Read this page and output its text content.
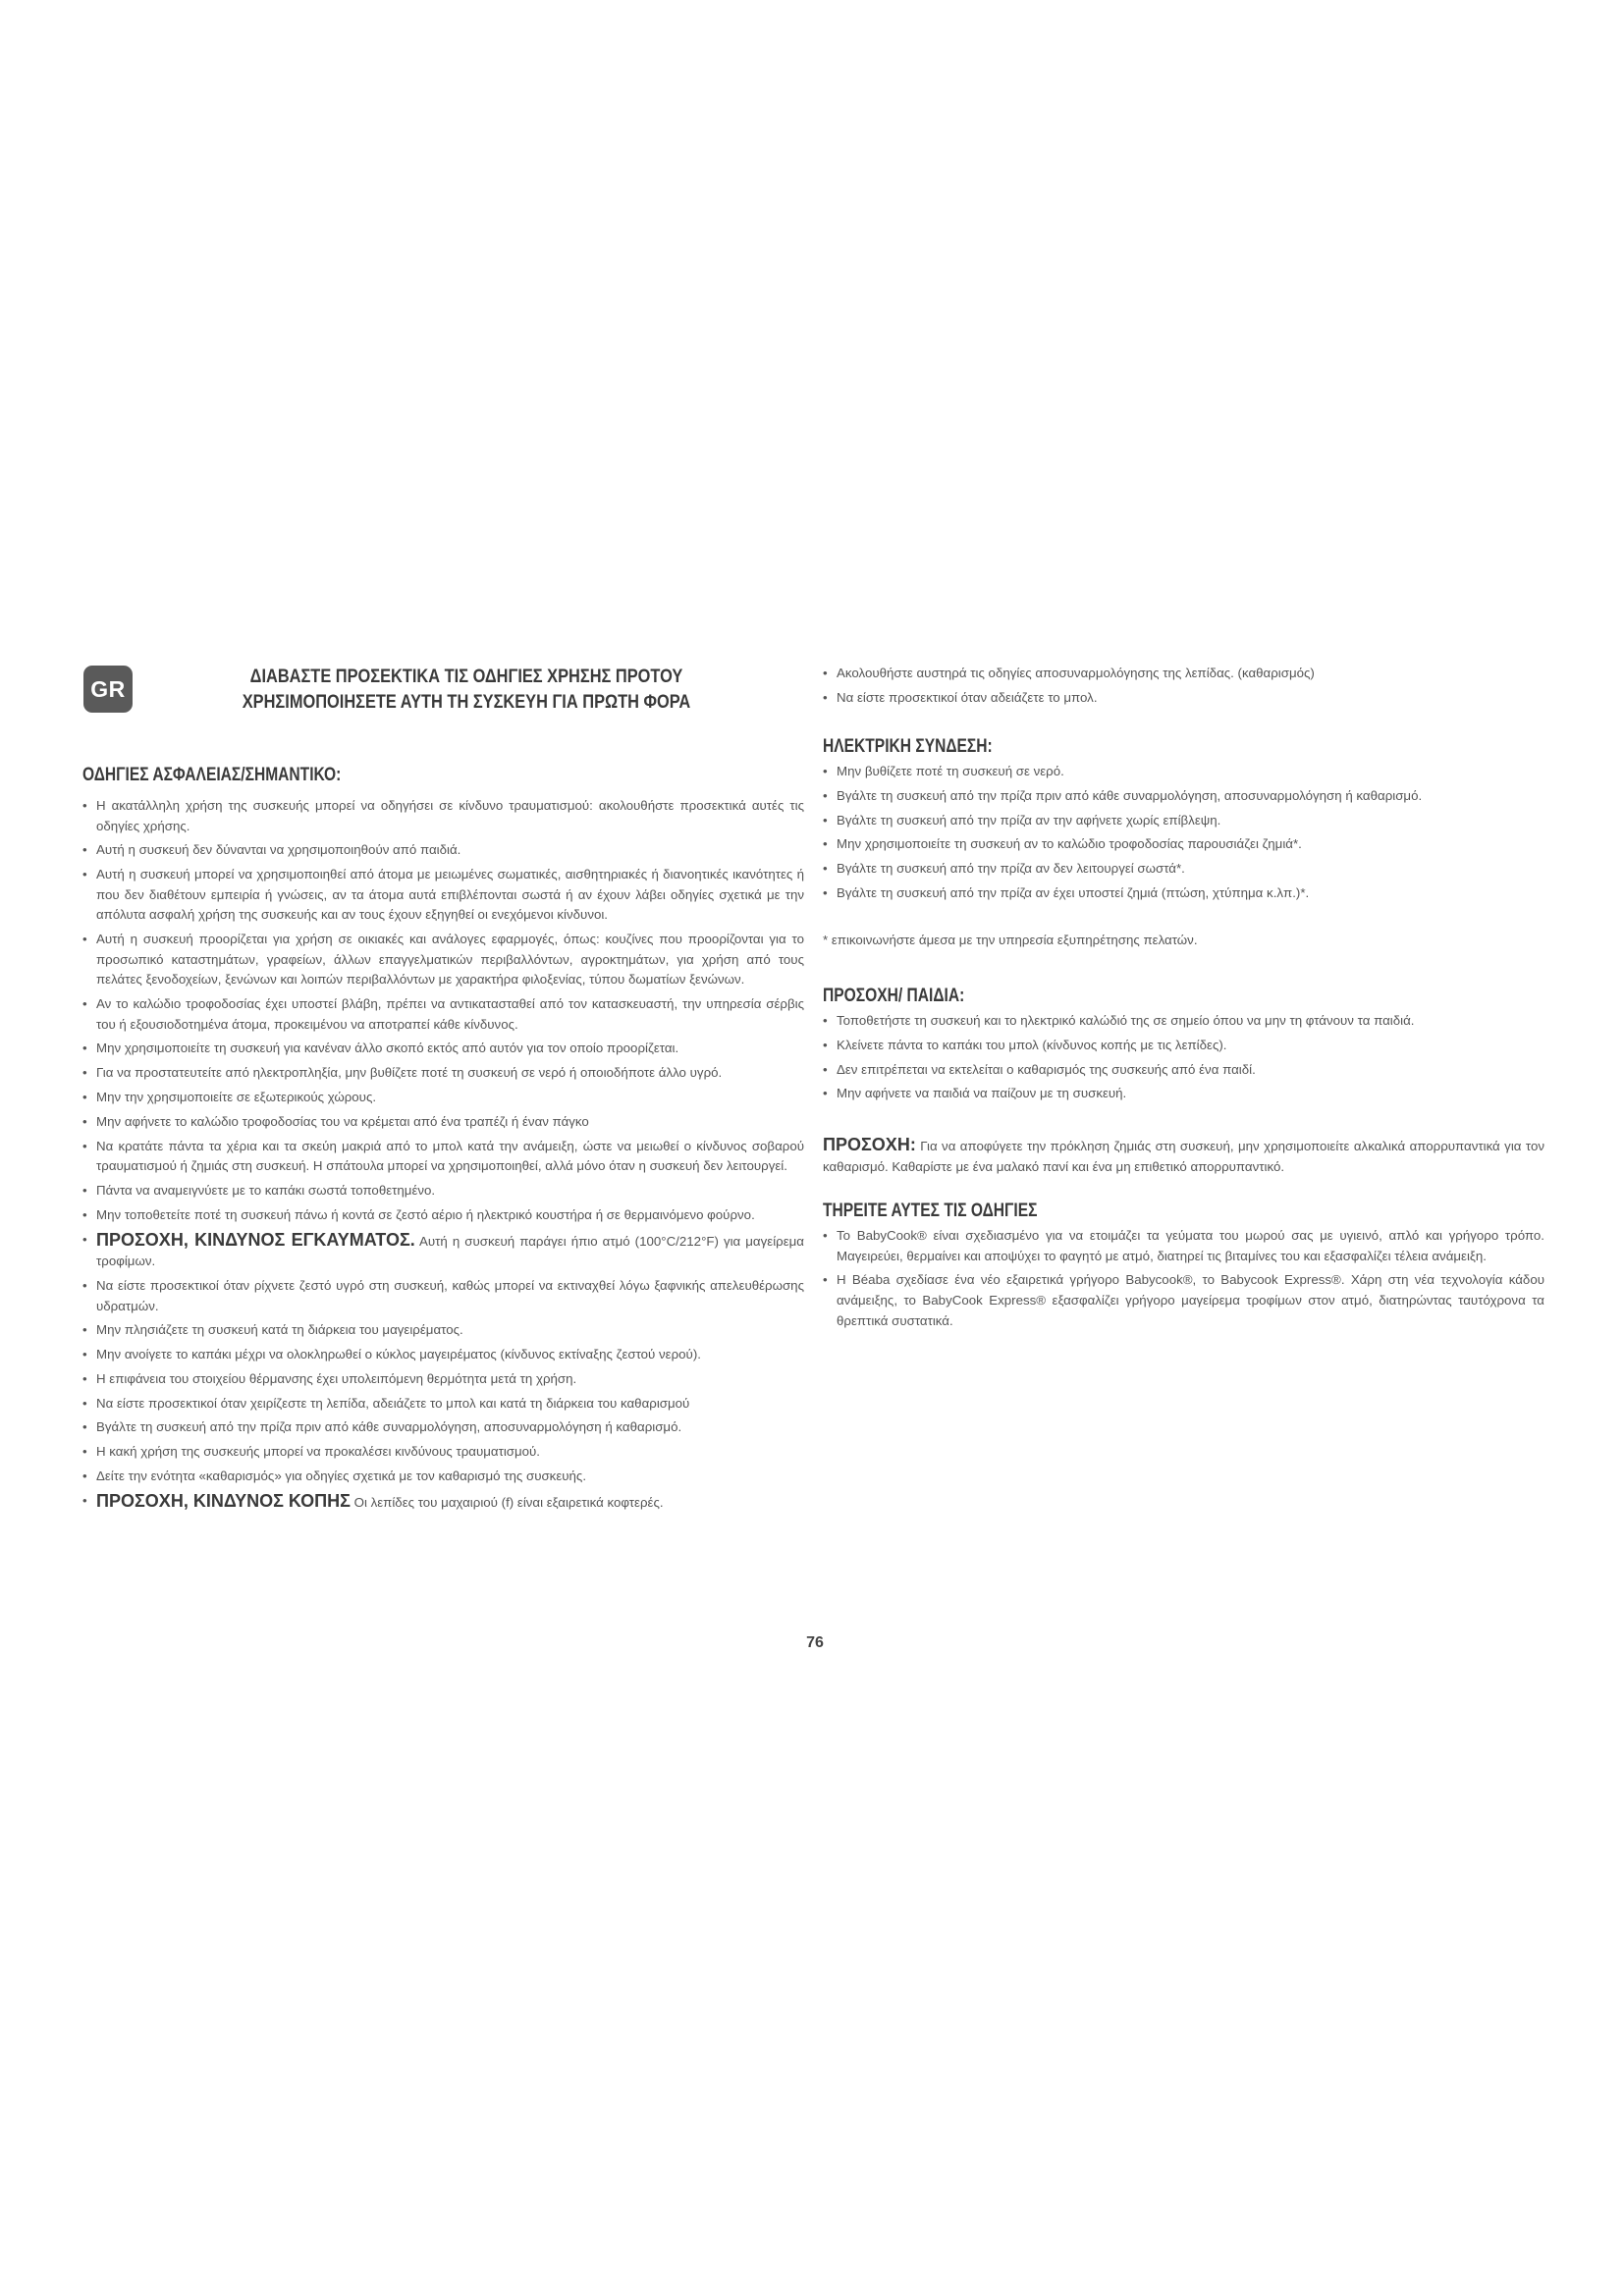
GR	ΔΙΑΒΑΣΤΕ ΠΡΟΣΕΚΤΙΚΑ ΤΙΣ ΟΔΗΓΙΕΣ ΧΡΗΣΗΣ ΠΡΟΤΟΥ
ΧΡΗΣΙΜΟΠΟΙΗΣΕΤΕ ΑΥΤΗ ΤΗ ΣΥΣΚΕΥΗ ΓΙΑ ΠΡΩΤΗ ΦΟΡΑ
ΟΔΗΓΙΕΣ ΑΣΦΑΛΕΙΑΣ/ΣΗΜΑΝΤΙΚΟ:
• Η ακατάλληλη χρήση της συσκευής μπορεί να οδηγήσει σε κίνδυνο τραυματισμού: ακολουθήστε προσεκτικά αυτές τις οδηγίες χρήσης.
• Αυτή η συσκευή δεν δύνανται να χρησιμοποιηθούν από παιδιά.
• Αυτή η συσκευή μπορεί να χρησιμοποιηθεί από άτομα με μειωμένες σωματικές, αισθητηριακές ή διανοητικές ικανότητες ή που δεν διαθέτουν εμπειρία ή γνώσεις, αν τα άτομα αυτά επιβλέπονται σωστά ή αν έχουν λάβει οδηγίες σχετικά με την απόλυτα ασφαλή χρήση της συσκευής και αν τους έχουν εξηγηθεί οι ενεχόμενοι κίνδυνοι.
• Αυτή η συσκευή προορίζεται για χρήση σε οικιακές και ανάλογες εφαρμογές, όπως: κουζίνες που προορίζονται για το προσωπικό καταστημάτων, γραφείων, άλλων επαγγελματικών περιβαλλόντων, αγροκτημάτων, για χρήση από τους πελάτες ξενοδοχείων, ξενώνων και λοιπών περιβαλλόντων με χαρακτήρα φιλοξενίας, τύπου δωματίων ξενώνων.
• Αν το καλώδιο τροφοδοσίας έχει υποστεί βλάβη, πρέπει να αντικατασταθεί από τον κατασκευαστή, την υπηρεσία σέρβις του ή εξουσιοδοτημένα άτομα, προκειμένου να αποτραπεί κάθε κίνδυνος.
• Μην χρησιμοποιείτε τη συσκευή για κανέναν άλλο σκοπό εκτός από αυτόν για τον οποίο προορίζεται.
• Για να προστατευτείτε από ηλεκτροπληξία, μην βυθίζετε ποτέ τη συσκευή σε νερό ή οποιοδήποτε άλλο υγρό.
• Μην την χρησιμοποιείτε σε εξωτερικούς χώρους.
• Μην αφήνετε το καλώδιο τροφοδοσίας του να κρέμεται από ένα τραπέζι ή έναν πάγκο
• Να κρατάτε πάντα τα χέρια και τα σκεύη μακριά από το μπολ κατά την ανάμειξη, ώστε να μειωθεί ο κίνδυνος σοβαρού τραυματισμού ή ζημιάς στη συσκευή. Η σπάτουλα μπορεί να χρησιμοποιηθεί, αλλά μόνο όταν η συσκευή δεν λειτουργεί.
• Πάντα να αναμειγνύετε με το καπάκι σωστά τοποθετημένο.
• Μην τοποθετείτε ποτέ τη συσκευή πάνω ή κοντά σε ζεστό αέριο ή ηλεκτρικό κουστήρα ή σε θερμαινόμενο φούρνο.
• ΠΡΟΣΟΧΗ, ΚΙΝΔΥΝΟΣ ΕΓΚΑΥΜΑΤΟΣ. Αυτή η συσκευή παράγει ήπιο ατμό (100°C/212°F) για μαγείρεμα τροφίμων.
• Να είστε προσεκτικοί όταν ρίχνετε ζεστό υγρό στη συσκευή, καθώς μπορεί να εκτιναχθεί λόγω ξαφνικής απελευθέρωσης υδρατμών.
• Μην πλησιάζετε τη συσκευή κατά τη διάρκεια του μαγειρέματος.
• Μην ανοίγετε το καπάκι μέχρι να ολοκληρωθεί ο κύκλος μαγειρέματος (κίνδυνος εκτίναξης ζεστού νερού).
• Η επιφάνεια του στοιχείου θέρμανσης έχει υπολειπόμενη θερμότητα μετά τη χρήση.
• Να είστε προσεκτικοί όταν χειρίζεστε τη λεπίδα, αδειάζετε το μπολ και κατά τη διάρκεια του καθαρισμού
• Βγάλτε τη συσκευή από την πρίζα πριν από κάθε συναρμολόγηση, αποσυναρμολόγηση ή καθαρισμό.
• Η κακή χρήση της συσκευής μπορεί να προκαλέσει κινδύνους τραυματισμού.
• Δείτε την ενότητα «καθαρισμός» για οδηγίες σχετικά με τον καθαρισμό της συσκευής.
• ΠΡΟΣΟΧΗ, ΚΙΝΔΥΝΟΣ ΚΟΠΗΣ Οι λεπίδες του μαχαιριού (f) είναι εξαιρετικά κοφτερές.
• Ακολουθήστε αυστηρά τις οδηγίες αποσυναρμολόγησης της λεπίδας. (καθαρισμός)
• Να είστε προσεκτικοί όταν αδειάζετε το μπολ.
ΗΛΕΚΤΡΙΚΗ ΣΥΝΔΕΣΗ:
• Μην βυθίζετε ποτέ τη συσκευή σε νερό.
• Βγάλτε τη συσκευή από την πρίζα πριν από κάθε συναρμολόγηση, αποσυναρμολόγηση ή καθαρισμό.
• Βγάλτε τη συσκευή από την πρίζα αν την αφήνετε χωρίς επίβλεψη.
• Μην χρησιμοποιείτε τη συσκευή αν το καλώδιο τροφοδοσίας παρουσιάζει ζημιά*.
• Βγάλτε τη συσκευή από την πρίζα αν δεν λειτουργεί σωστά*.
• Βγάλτε τη συσκευή από την πρίζα αν έχει υποστεί ζημιά (πτώση, χτύπημα κ.λπ.)*.
* επικοινωνήστε άμεσα με την υπηρεσία εξυπηρέτησης πελατών.
ΠΡΟΣΟΧΗ/ ΠΑΙΔΙΑ:
• Τοποθετήστε τη συσκευή και το ηλεκτρικό καλώδιό της σε σημείο όπου να μην τη φτάνουν τα παιδιά.
• Κλείνετε πάντα το καπάκι του μπολ (κίνδυνος κοπής με τις λεπίδες).
• Δεν επιτρέπεται να εκτελείται ο καθαρισμός της συσκευής από ένα παιδί.
• Μην αφήνετε να παιδιά να παίζουν με τη συσκευή.
ΠΡΟΣΟΧΗ: Για να αποφύγετε την πρόκληση ζημιάς στη συσκευή, μην χρησιμοποιείτε αλκαλικά απορρυπαντικά για τον καθαρισμό. Καθαρίστε με ένα μαλακό πανί και ένα μη επιθετικό απορρυπαντικό.
ΤΗΡΕΙΤΕ ΑΥΤΕΣ ΤΙΣ ΟΔΗΓΙΕΣ
• Το BabyCook® είναι σχεδιασμένο για να ετοιμάζει τα γεύματα του μωρού σας με υγιεινό, απλό και γρήγορο τρόπο. Μαγειρεύει, θερμαίνει και αποψύχει το φαγητό με ατμό, διατηρεί τις βιταμίνες του και εξασφαλίζει τέλεια ανάμειξη.
• Η Béaba σχεδίασε ένα νέο εξαιρετικά γρήγορο Babycook®, το Babycook Express®. Χάρη στη νέα τεχνολογία κάδου ανάμειξης, το BabyCook Express® εξασφαλίζει γρήγορο μαγείρεμα τροφίμων στον ατμό, διατηρώντας ταυτόχρονα τα θρεπτικά συστατικά.
76
